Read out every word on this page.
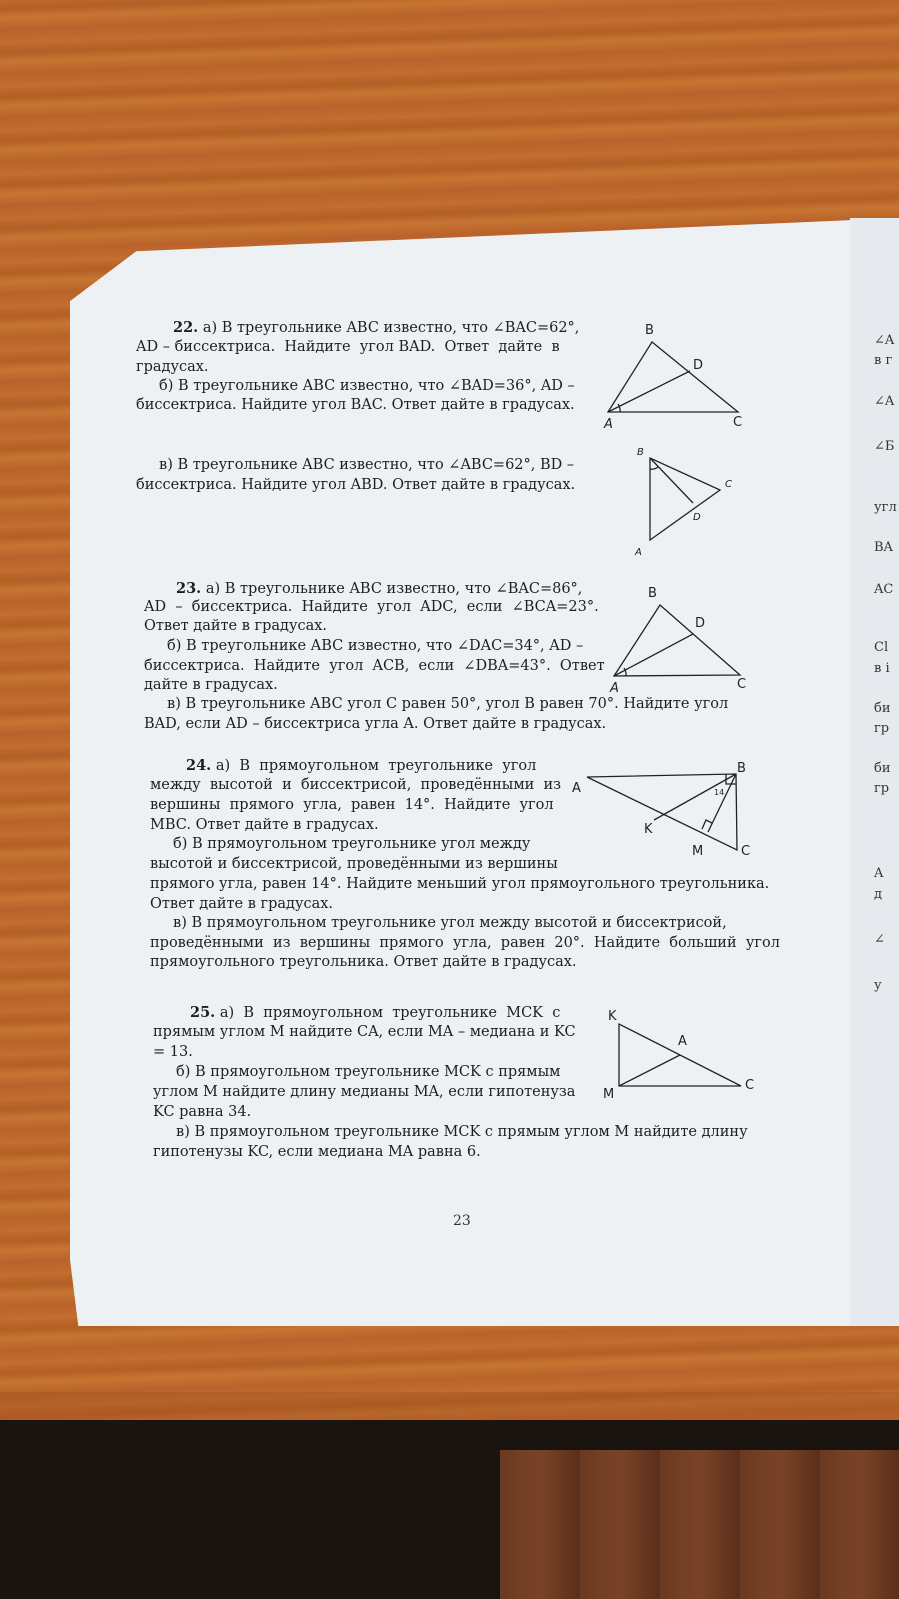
22. а) В треугольнике ABC известно, что ∠BAC=62°,
AD – биссектриса.  Найдите  угол BAD.  Ответ  дайте  в
градусах.
б) В треугольнике ABC известно, что ∠BAD=36°, AD –
биссектриса. Найдите угол BAC. Ответ дайте в градусах.
в) В треугольнике ABC известно, что ∠ABC=62°, BD –
биссектриса. Найдите угол ABD. Ответ дайте в градусах.
23. а) В треугольнике ABC известно, что ∠BAC=86°,
AD  –  биссектриса.  Найдите  угол  ADC,  если  ∠BCA=23°.
Ответ дайте в градусах.
б) В треугольнике ABC известно, что ∠DAC=34°, AD –
биссектриса.  Найдите  угол  ACB,  если  ∠DBA=43°.  Ответ
дайте в градусах.
в) В треугольнике ABC угол C равен 50°, угол B равен 70°. Найдите угол
BAD, если AD – биссектриса угла A. Ответ дайте в градусах.
24. а)  В  прямоугольном  треугольнике  угол
между  высотой  и  биссектрисой,  проведёнными  из
вершины  прямого  угла,  равен  14°.  Найдите  угол
MBC. Ответ дайте в градусах.
б) В прямоугольном треугольнике угол между
высотой и биссектрисой, проведёнными из вершины
прямого угла, равен 14°. Найдите меньший угол прямоугольного треугольника.
Ответ дайте в градусах.
в) В прямоугольном треугольнике угол между высотой и биссектрисой,
проведёнными  из  вершины  прямого  угла,  равен  20°.  Найдите  больший  угол
прямоугольного треугольника. Ответ дайте в градусах.
25. а)  В  прямоугольном  треугольнике  MCK  с
прямым углом M найдите CA, если MA – медиана и KC
= 13.
б) В прямоугольном треугольнике MCK с прямым
углом M найдите длину медианы MA, если гипотенуза
KC равна 34.
в) В прямоугольном треугольнике MCK с прямым углом M найдите длину
гипотенузы KC, если медиана MA равна 6.
23
∠A
в г
∠A
∠Б
угл
BA
AC
Cl
в і
би
гр
би
гр
A
д
∠
у
B
D
A	C
B
C
D
A
B
D
A	C
A
B
14
K
M	C
K
A
C
M
